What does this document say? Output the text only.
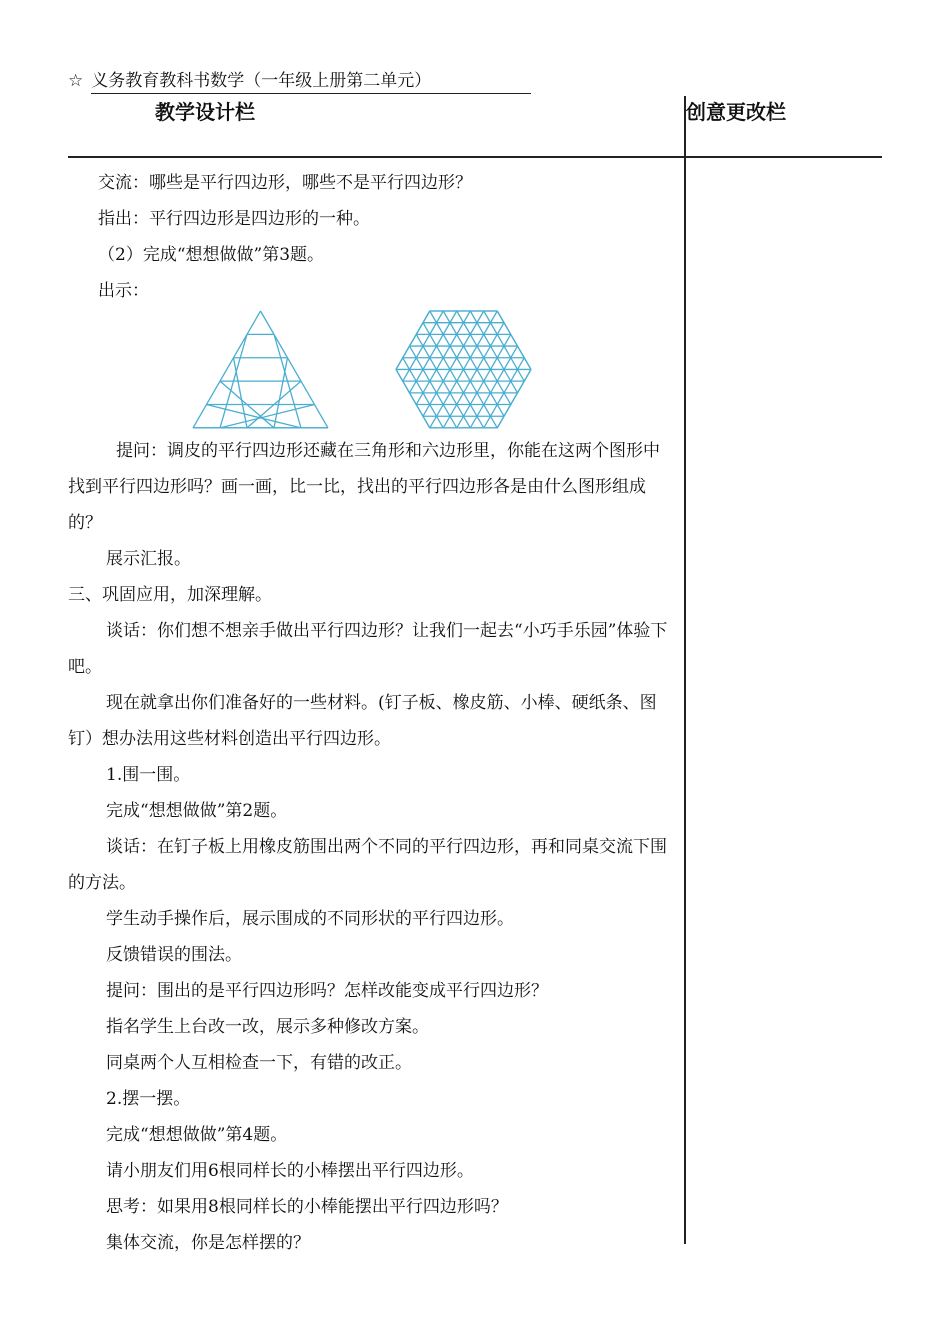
☆ 义务教育教科书数学（一年级上册第二单元）
教学设计栏	创意更改栏

交流：哪些是平行四边形，哪些不是平行四边形？

指出：平行四边形是四边形的一种。

（2）完成“想想做做”第3题。

出示：

提问：调皮的平行四边形还藏在三角形和六边形里，你能在这两个图形中找到平行四边形吗？画一画，比一比，找出的平行四边形各是由什么图形组成的？

展示汇报。

三、巩固应用，加深理解。

谈话：你们想不想亲手做出平行四边形？让我们一起去“小巧手乐园”体验下吧。

现在就拿出你们准备好的一些材料。(钉子板、橡皮筋、小棒、硬纸条、图钉）想办法用这些材料创造出平行四边形。

1.围一围。

完成“想想做做”第2题。

谈话：在钉子板上用橡皮筋围出两个不同的平行四边形，再和同桌交流下围的方法。

学生动手操作后，展示围成的不同形状的平行四边形。

反馈错误的围法。

提问：围出的是平行四边形吗？怎样改能变成平行四边形？

指名学生上台改一改，展示多种修改方案。

同桌两个人互相检查一下，有错的改正。

2.摆一摆。

完成“想想做做”第4题。

请小朋友们用6根同样长的小棒摆出平行四边形。

思考：如果用8根同样长的小棒能摆出平行四边形吗？

集体交流，你是怎样摆的？
